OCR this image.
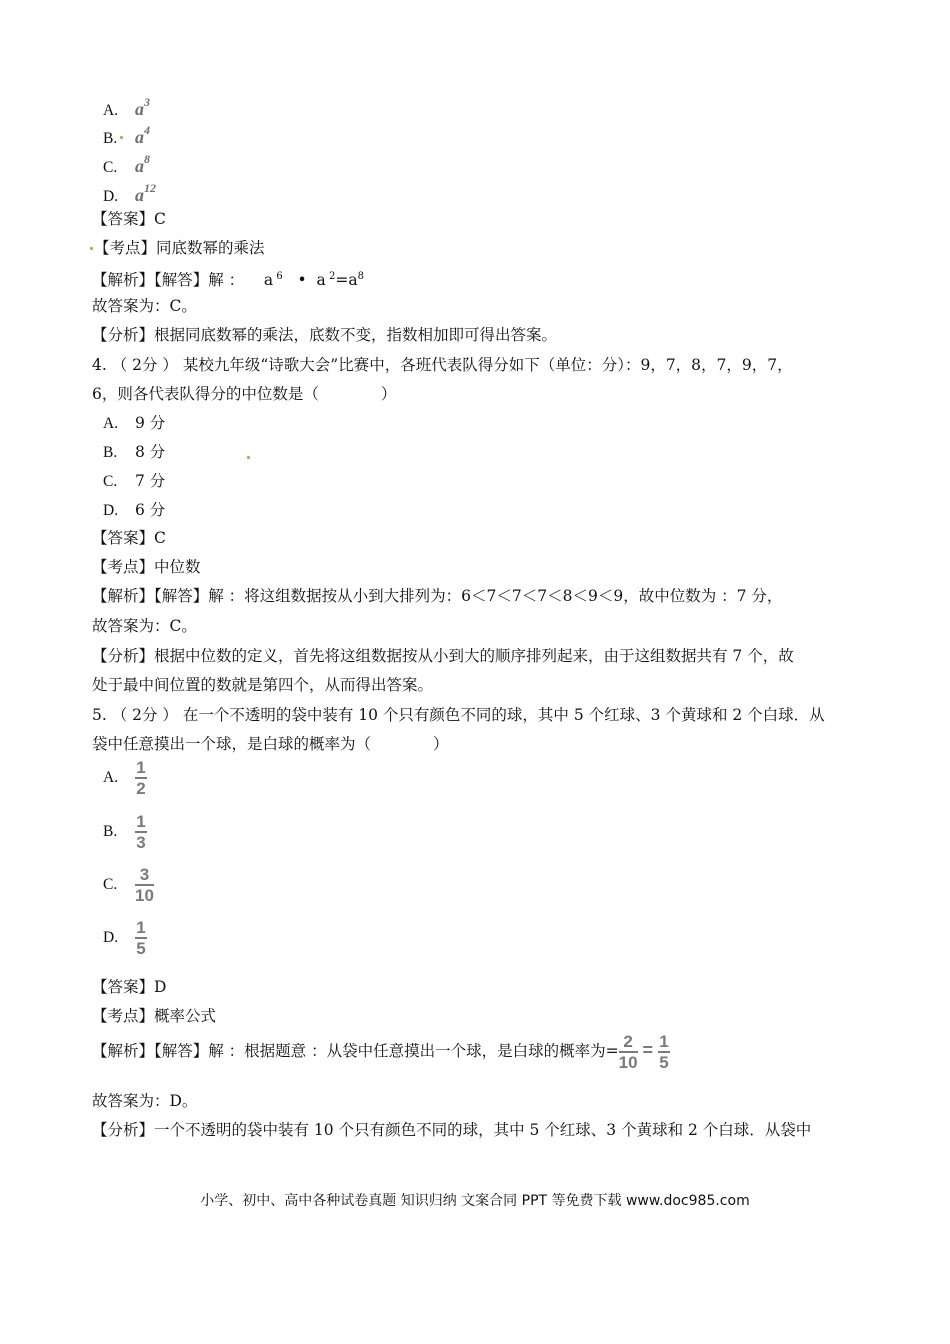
A. $a^3$
B. $a^4$
C. $a^8$
D. $a^{12}$
【答案】C
【考点】同底数幂的乘法
【解析】【解答】解 ： a $^6$ • a $^2=a^8$
故答案为：C。
【分析】根据同底数幂的乘法，底数不变，指数相加即可得出答案。
4. （ 2分 ） 某校九年级“诗歌大会”比赛中，各班代表队得分如下（单位：分）：9，7，8，7，9，7，
6，则各代表队得分的中位数是（　　　　）
A. 9 分
B. 8 分
C. 7 分
D. 6 分
【答案】C
【考点】中位数
【解析】【解答】解 ：将这组数据按从小到大排列为：6＜7＜7＜7＜8＜9＜9，故中位数为 ：7 分，
故答案为：C。
【分析】根据中位数的定义，首先将这组数据按从小到大的顺序排列起来，由于这组数据共有 7 个，故
处于最中间位置的数就是第四个，从而得出答案。
5. （ 2分 ） 在一个不透明的袋中装有 10 个只有颜色不同的球，其中 5 个红球、3 个黄球和 2 个白球．从
袋中任意摸出一个球，是白球的概率为（　　　　）
A. $\frac{1}{2}$
B. $\frac{1}{3}$
C. $\frac{3}{10}$
D. $\frac{1}{5}$
【答案】D
【考点】概率公式
【解析】【解答】解 ：根据题意 ：从袋中任意摸出一个球，是白球的概率为= $\frac{2}{10} = \frac{1}{5}$
故答案为：D。
【分析】一个不透明的袋中装有 10 个只有颜色不同的球，其中 5 个红球、3 个黄球和 2 个白球．从袋中
小学、初中、高中各种试卷真题 知识归纳 文案合同 PPT 等免费下载 www.doc985.com
